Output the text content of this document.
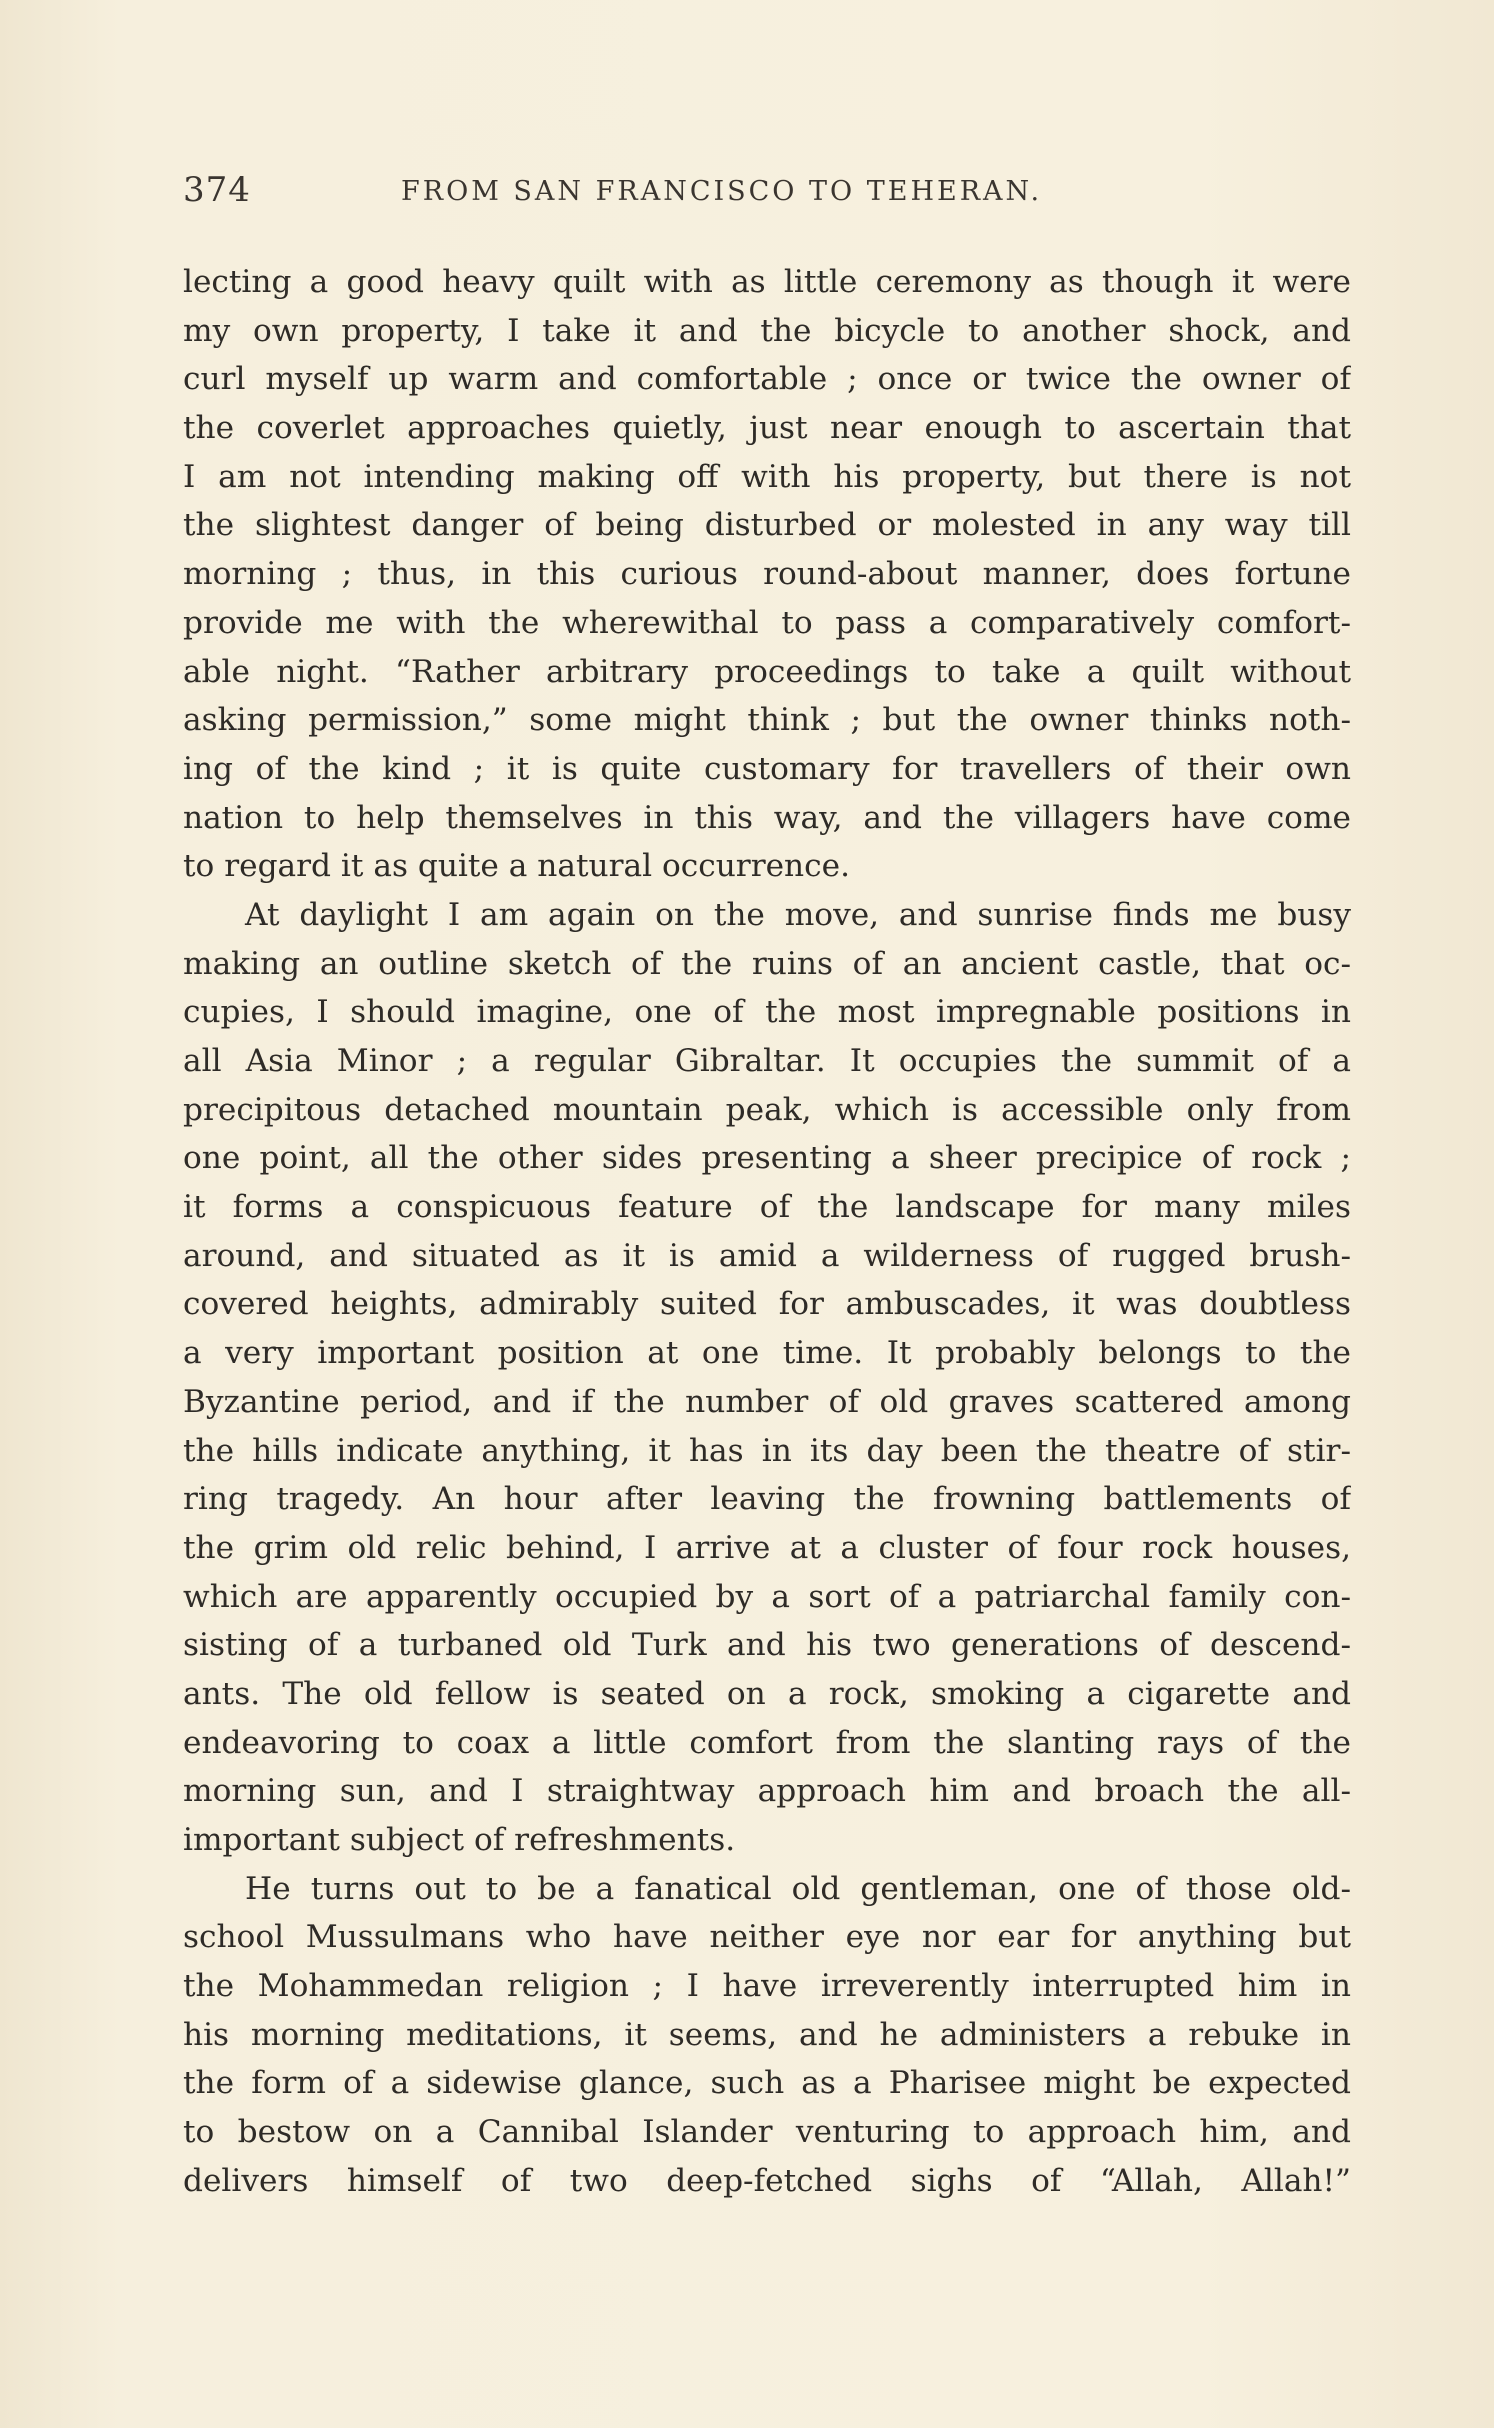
374	FROM SAN FRANCISCO TO TEHERAN.
lecting a good heavy quilt with as little ceremony as though it were
my own property, I take it and the bicycle to another shock, and
curl myself up warm and comfortable ; once or twice the owner of
the coverlet approaches quietly, just near enough to ascertain that
I am not intending making off with his property, but there is not
the slightest danger of being disturbed or molested in any way till
morning ; thus, in this curious round-about manner, does fortune
provide me with the wherewithal to pass a comparatively comfort-
able night. “Rather arbitrary proceedings to take a quilt without
asking permission,” some might think ; but the owner thinks noth-
ing of the kind ; it is quite customary for travellers of their own
nation to help themselves in this way, and the villagers have come
to regard it as quite a natural occurrence.
At daylight I am again on the move, and sunrise finds me busy
making an outline sketch of the ruins of an ancient castle, that oc-
cupies, I should imagine, one of the most impregnable positions in
all Asia Minor ; a regular Gibraltar. It occupies the summit of a
precipitous detached mountain peak, which is accessible only from
one point, all the other sides presenting a sheer precipice of rock ;
it forms a conspicuous feature of the landscape for many miles
around, and situated as it is amid a wilderness of rugged brush-
covered heights, admirably suited for ambuscades, it was doubtless
a very important position at one time. It probably belongs to the
Byzantine period, and if the number of old graves scattered among
the hills indicate anything, it has in its day been the theatre of stir-
ring tragedy. An hour after leaving the frowning battlements of
the grim old relic behind, I arrive at a cluster of four rock houses,
which are apparently occupied by a sort of a patriarchal family con-
sisting of a turbaned old Turk and his two generations of descend-
ants. The old fellow is seated on a rock, smoking a cigarette and
endeavoring to coax a little comfort from the slanting rays of the
morning sun, and I straightway approach him and broach the all-
important subject of refreshments.
He turns out to be a fanatical old gentleman, one of those old-
school Mussulmans who have neither eye nor ear for anything but
the Mohammedan religion ; I have irreverently interrupted him in
his morning meditations, it seems, and he administers a rebuke in
the form of a sidewise glance, such as a Pharisee might be expected
to bestow on a Cannibal Islander venturing to approach him, and
delivers himself of two deep-fetched sighs of “Allah, Allah!”
